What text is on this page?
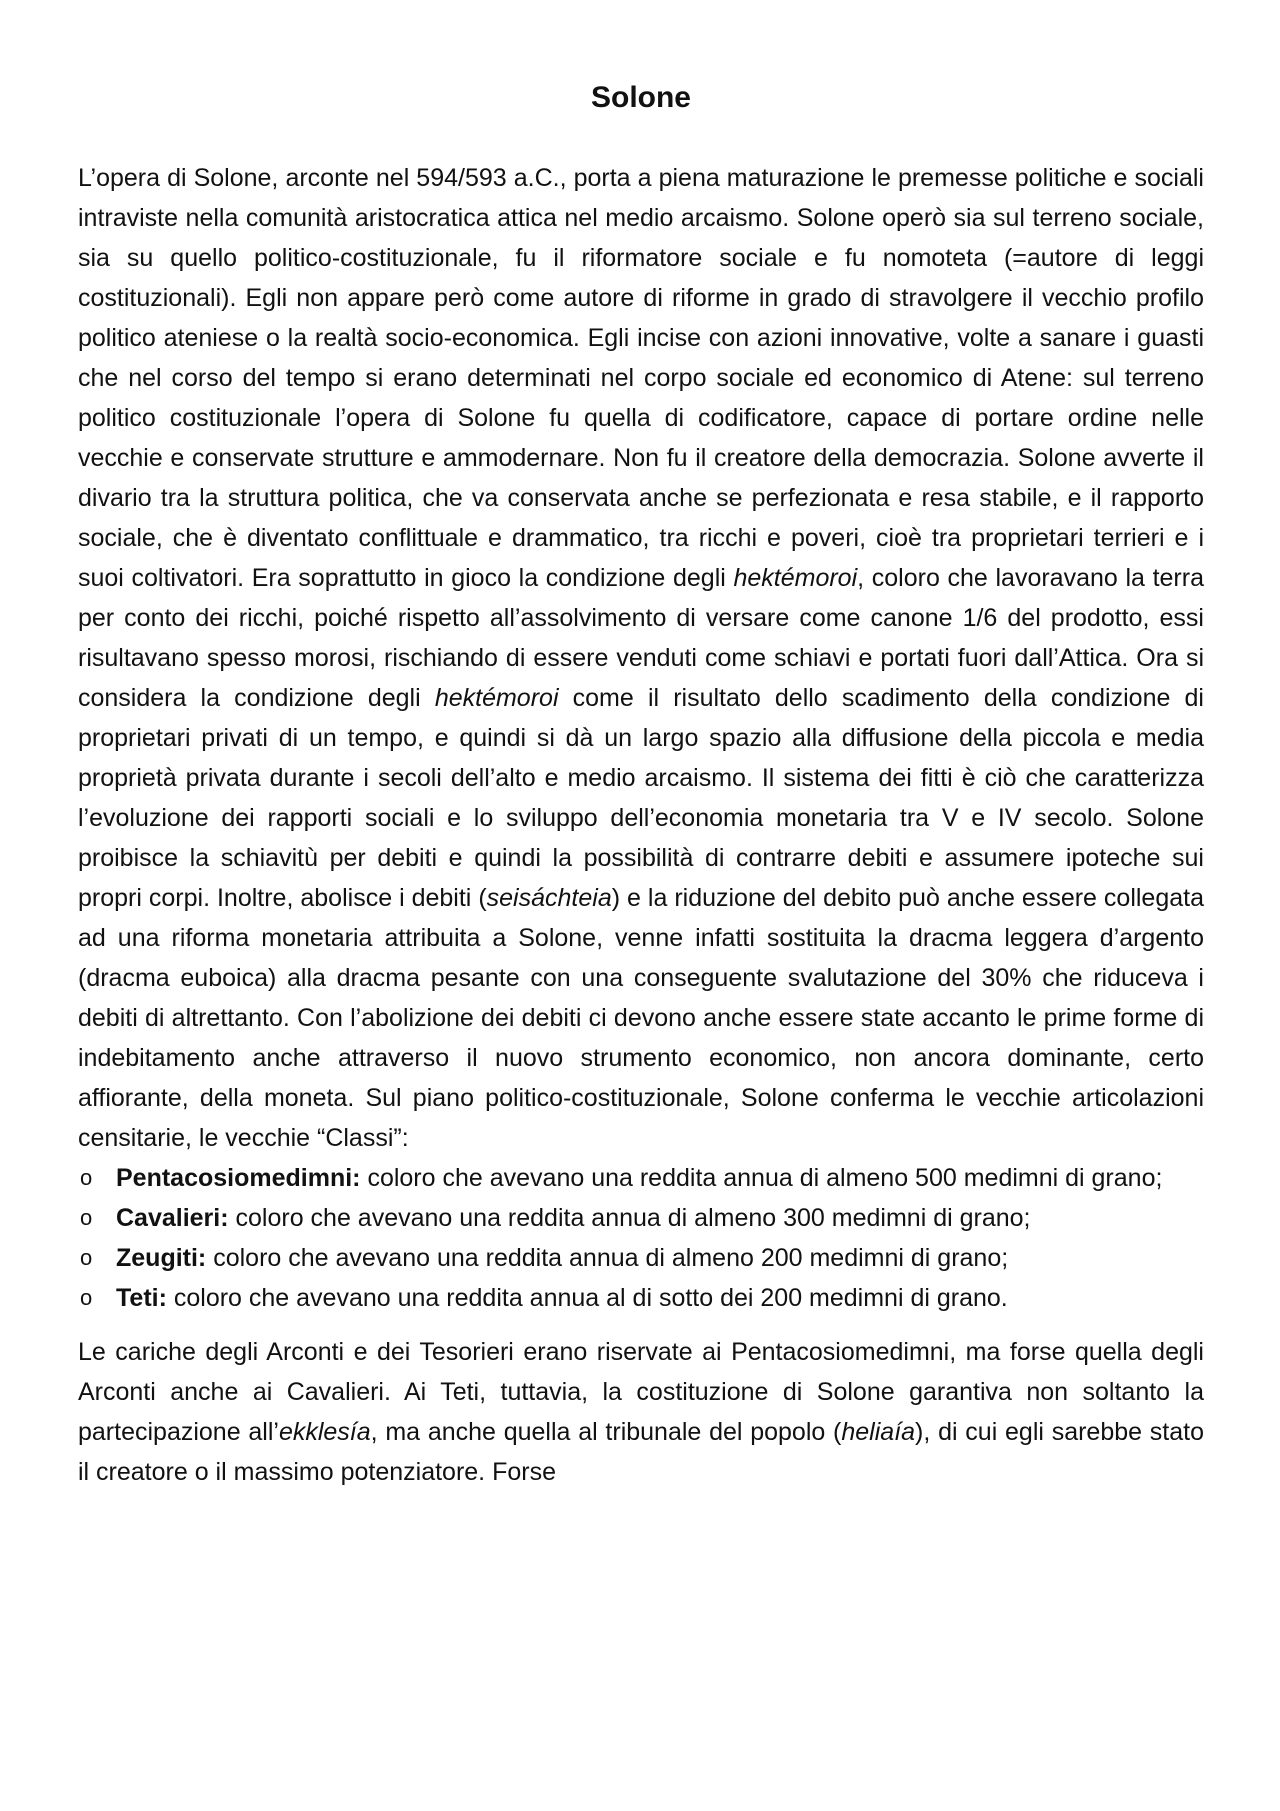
Solone

L’opera di Solone, arconte nel 594/593 a.C., porta a piena maturazione le premesse politiche e sociali intraviste nella comunità aristocratica attica nel medio arcaismo. Solone operò sia sul terreno sociale, sia su quello politico-costituzionale, fu il riformatore sociale e fu nomoteta (=autore di leggi costituzionali). Egli non appare però come autore di riforme in grado di stravolgere il vecchio profilo politico ateniese o la realtà socio-economica. Egli incise con azioni innovative, volte a sanare i guasti che nel corso del tempo si erano determinati nel corpo sociale ed economico di Atene: sul terreno politico costituzionale l’opera di Solone fu quella di codificatore, capace di portare ordine nelle vecchie e conservate strutture e ammodernare. Non fu il creatore della democrazia. Solone avverte il divario tra la struttura politica, che va conservata anche se perfezionata e resa stabile, e il rapporto sociale, che è diventato conflittuale e drammatico, tra ricchi e poveri, cioè tra proprietari terrieri e i suoi coltivatori. Era soprattutto in gioco la condizione degli hektémoroi, coloro che lavoravano la terra per conto dei ricchi, poiché rispetto all’assolvimento di versare come canone 1/6 del prodotto, essi risultavano spesso morosi, rischiando di essere venduti come schiavi e portati fuori dall’Attica. Ora si considera la condizione degli hektémoroi come il risultato dello scadimento della condizione di proprietari privati di un tempo, e quindi si dà un largo spazio alla diffusione della piccola e media proprietà privata durante i secoli dell’alto e medio arcaismo. Il sistema dei fitti è ciò che caratterizza l’evoluzione dei rapporti sociali e lo sviluppo dell’economia monetaria tra V e IV secolo. Solone proibisce la schiavitù per debiti e quindi la possibilità di contrarre debiti e assumere ipoteche sui propri corpi. Inoltre, abolisce i debiti (seisáchteia) e la riduzione del debito può anche essere collegata ad una riforma monetaria attribuita a Solone, venne infatti sostituita la dracma leggera d’argento (dracma euboica) alla dracma pesante con una conseguente svalutazione del 30% che riduceva i debiti di altrettanto. Con l’abolizione dei debiti ci devono anche essere state accanto le prime forme di indebitamento anche attraverso il nuovo strumento economico, non ancora dominante, certo affiorante, della moneta. Sul piano politico-costituzionale, Solone conferma le vecchie articolazioni censitarie, le vecchie “Classi”:

o Pentacosiomedimni: coloro che avevano una reddita annua di almeno 500 medimni di grano;
o Cavalieri: coloro che avevano una reddita annua di almeno 300 medimni di grano;
o Zeugiti: coloro che avevano una reddita annua di almeno 200 medimni di grano;
o Teti: coloro che avevano una reddita annua al di sotto dei 200 medimni di grano.

Le cariche degli Arconti e dei Tesorieri erano riservate ai Pentacosiomedimni, ma forse quella degli Arconti anche ai Cavalieri. Ai Teti, tuttavia, la costituzione di Solone garantiva non soltanto la partecipazione all’ekklesía, ma anche quella al tribunale del popolo (heliaía), di cui egli sarebbe stato il creatore o il massimo potenziatore. Forse
